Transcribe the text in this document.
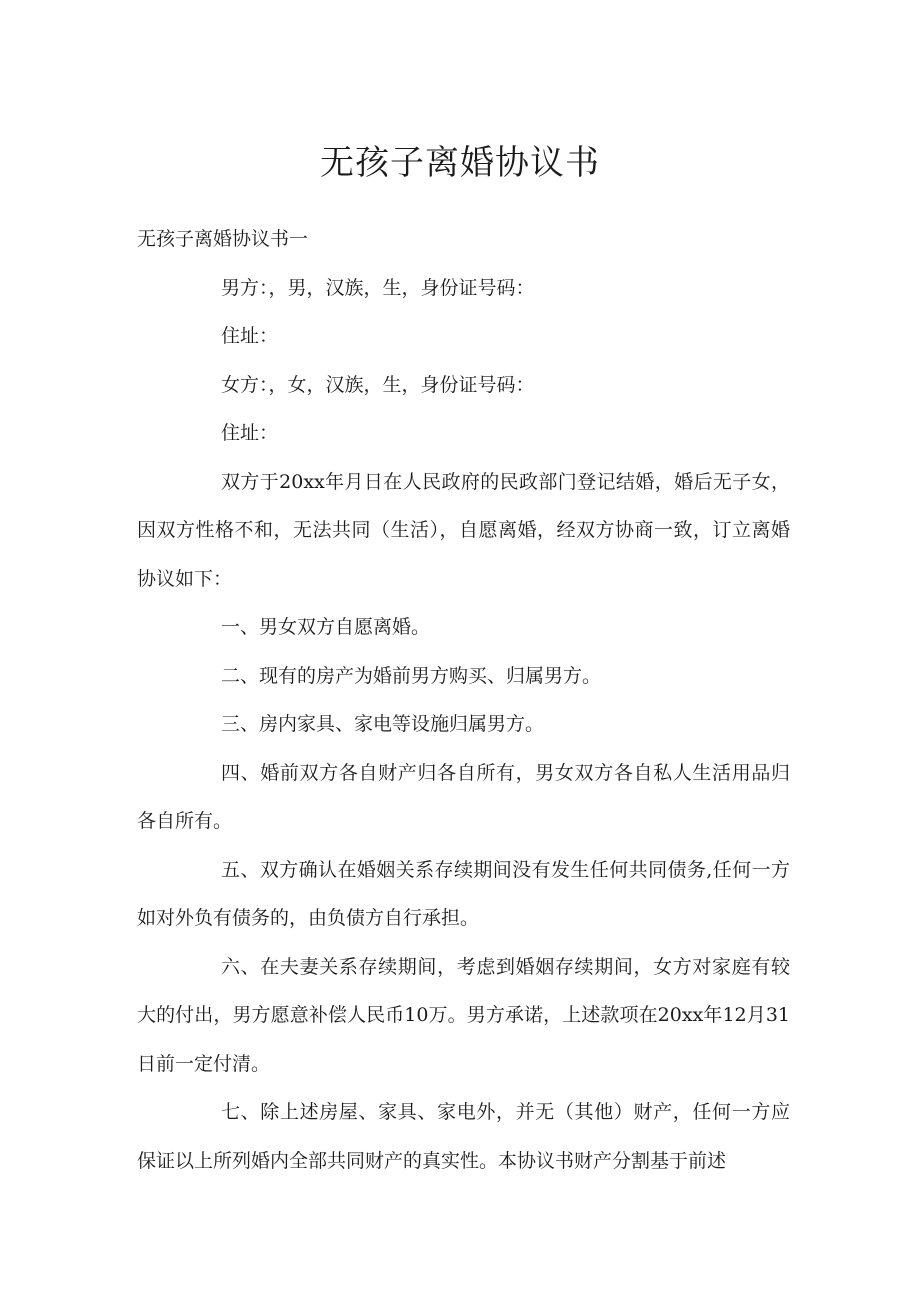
无孩子离婚协议书

无孩子离婚协议书一

男方：，男，汉族，生，身份证号码：

住址：

女方：，女，汉族，生，身份证号码：

住址：

双方于20xx年月日在人民政府的民政部门登记结婚，婚后无子女，因双方性格不和，无法共同（生活），自愿离婚，经双方协商一致，订立离婚协议如下：

一、男女双方自愿离婚。

二、现有的房产为婚前男方购买、归属男方。

三、房内家具、家电等设施归属男方。

四、婚前双方各自财产归各自所有，男女双方各自私人生活用品归各自所有。

五、双方确认在婚姻关系存续期间没有发生任何共同债务,任何一方如对外负有债务的，由负债方自行承担。

六、在夫妻关系存续期间，考虑到婚姻存续期间，女方对家庭有较大的付出，男方愿意补偿人民币10万。男方承诺，上述款项在20xx年12月31日前一定付清。

七、除上述房屋、家具、家电外，并无（其他）财产，任何一方应保证以上所列婚内全部共同财产的真实性。本协议书财产分割基于前述
